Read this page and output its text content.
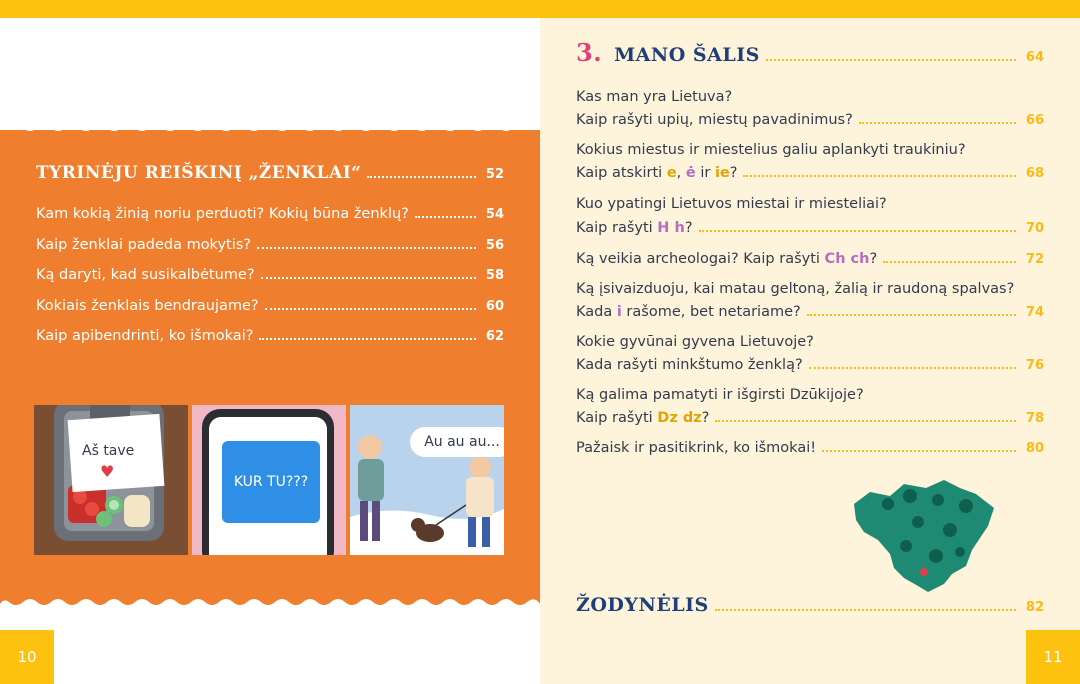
TYRINĖJU REIŠKINĮ „ŽENKLAI“	52
Kam kokią žinią noriu perduoti? Kokių būna ženklų?	54
Kaip ženklai padeda mokytis?	56
Ką daryti, kad susikalbėtume?	58
Kokiais ženklais bendraujame?	60
Kaip apibendrinti, ko išmokai?	62
Aš tave
♥
KUR TU???
Au au au...
10
3. MANO ŠALIS	64
Kas man yra Lietuva?
Kaip rašyti upių, miestų pavadinimus?	66
Kokius miestus ir miestelius galiu aplankyti traukiniu?
Kaip atskirti e, ė ir ie?	68
Kuo ypatingi Lietuvos miestai ir miesteliai?
Kaip rašyti H h?	70
Ką veikia archeologai? Kaip rašyti Ch ch?	72
Ką įsivaizduoju, kai matau geltoną, žalią ir raudoną spalvas?
Kada i rašome, bet netariame?	74
Kokie gyvūnai gyvena Lietuvoje?
Kada rašyti minkštumo ženklą?	76
Ką galima pamatyti ir išgirsti Dzūkijoje?
Kaip rašyti Dz dz?	78
Pažaisk ir pasitikrink, ko išmokai!	80
ŽODYNĖLIS	82
11
